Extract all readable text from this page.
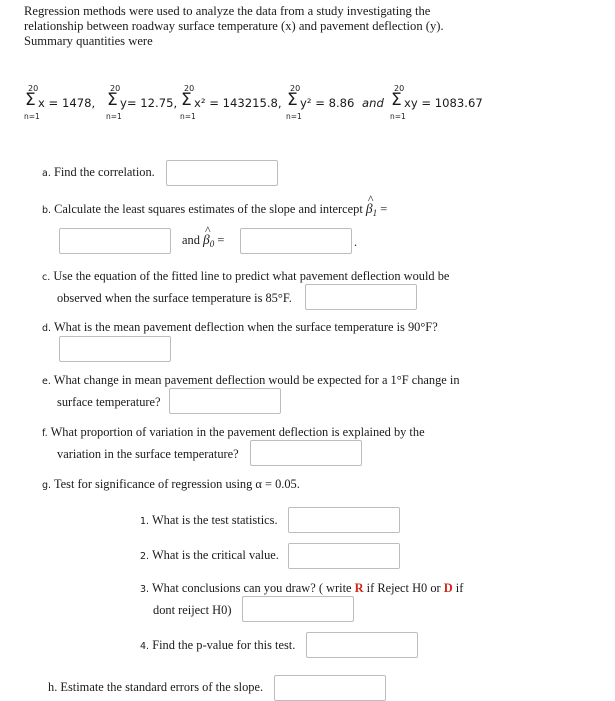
Regression methods were used to analyze the data from a study investigating the
relationship between roadway surface temperature (x) and pavement deflection (y).
Summary quantities were
20
Σ
n=1
x = 1478,
20
Σ
n=1
y= 12.75,
20
Σ
n=1
x² = 143215.8,
20
Σ
n=1
y² = 8.86 and
20
Σ
n=1
xy = 1083.67
a. Find the correlation.
b. Calculate the least squares estimates of the slope and intercept ^ $\beta_1$ =
and ^ $\beta_0$ =	.
c. Use the equation of the fitted line to predict what pavement deflection would be
observed when the surface temperature is 85°F.
d. What is the mean pavement deflection when the surface temperature is 90°F?
e. What change in mean pavement deflection would be expected for a 1°F change in
surface temperature?
f. What proportion of variation in the pavement deflection is explained by the
variation in the surface temperature?
g. Test for significance of regression using α = 0.05.
1. What is the test statistics.
2. What is the critical value.
3. What conclusions can you draw? ( write R if Reject H0 or D if
dont reiject H0)
4. Find the p-value for this test.
h. Estimate the standard errors of the slope.
